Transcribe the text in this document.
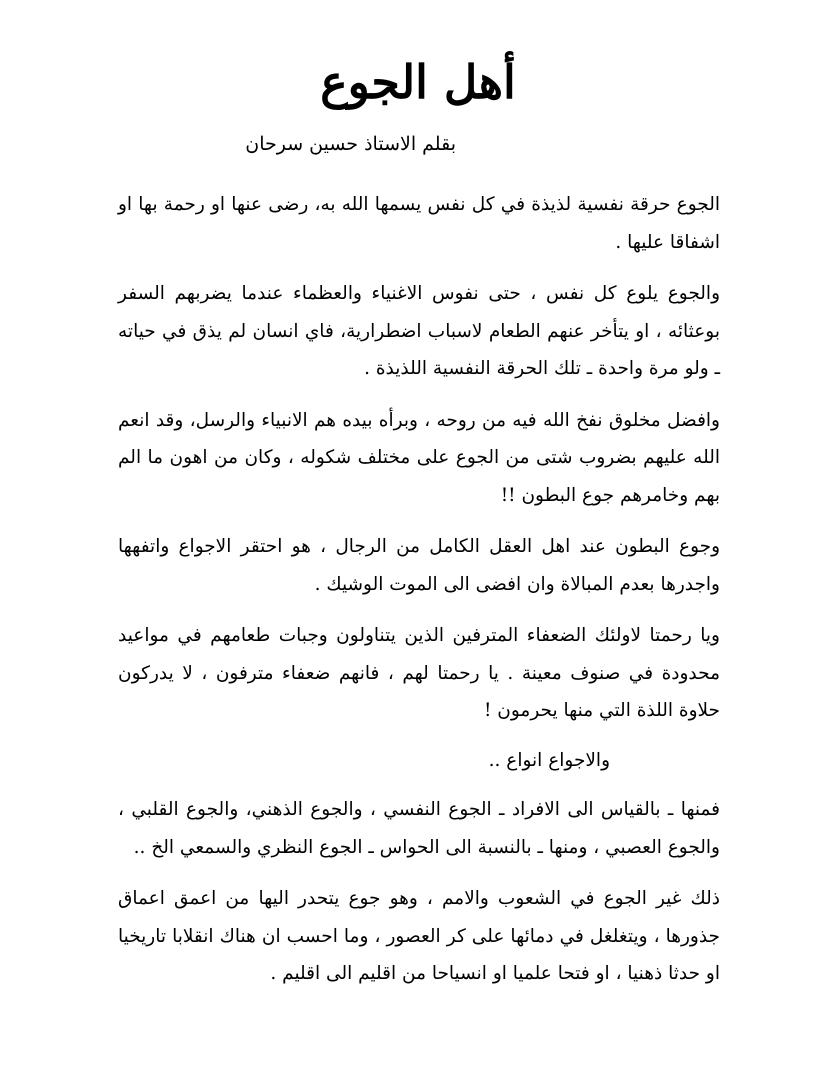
أهل الجوع
بقلم الاستاذ حسين سرحان

الجوع حرقة نفسية لذيذة في كل نفس يسمها الله به، رضى عنها او رحمة بها او اشفاقا عليها .

والجوع يلوع كل نفس ، حتى نفوس الاغنياء والعظماء عندما يضربهم السفر بوعثائه ، او يتأخر عنهم الطعام لاسباب اضطرارية، فاي انسان لم يذق في حياته ـ ولو مرة واحدة ـ تلك الحرقة النفسية اللذيذة .

وافضل مخلوق نفخ الله فيه من روحه ، وبرأه بيده هم الانبياء والرسل، وقد انعم الله عليهم بضروب شتى من الجوع على مختلف شكوله ، وكان من اهون ما الم بهم وخامرهم جوع البطون !!

وجوع البطون عند اهل العقل الكامل من الرجال ، هو احتقر الاجواع واتفهها واجدرها بعدم المبالاة وان افضى الى الموت الوشيك .

ويا رحمتا لاولئك الضعفاء المترفين الذين يتناولون وجبات طعامهم في مواعيد محدودة في صنوف معينة . يا رحمتا لهم ، فانهم ضعفاء مترفون ، لا يدركون حلاوة اللذة التي منها يحرمون !

والاجواع انواع ..

فمنها ـ بالقياس الى الافراد ـ الجوع النفسي ، والجوع الذهني، والجوع القلبي ، والجوع العصبي ، ومنها ـ بالنسبة الى الحواس ـ الجوع النظري والسمعي الخ ..

ذلك غير الجوع في الشعوب والامم ، وهو جوع يتحدر اليها من اعمق اعماق جذورها ، ويتغلغل في دمائها على كر العصور ، وما احسب ان هناك انقلابا تاريخيا او حدثا ذهنيا ، او فتحا علميا او انسياحا من اقليم الى اقليم .
